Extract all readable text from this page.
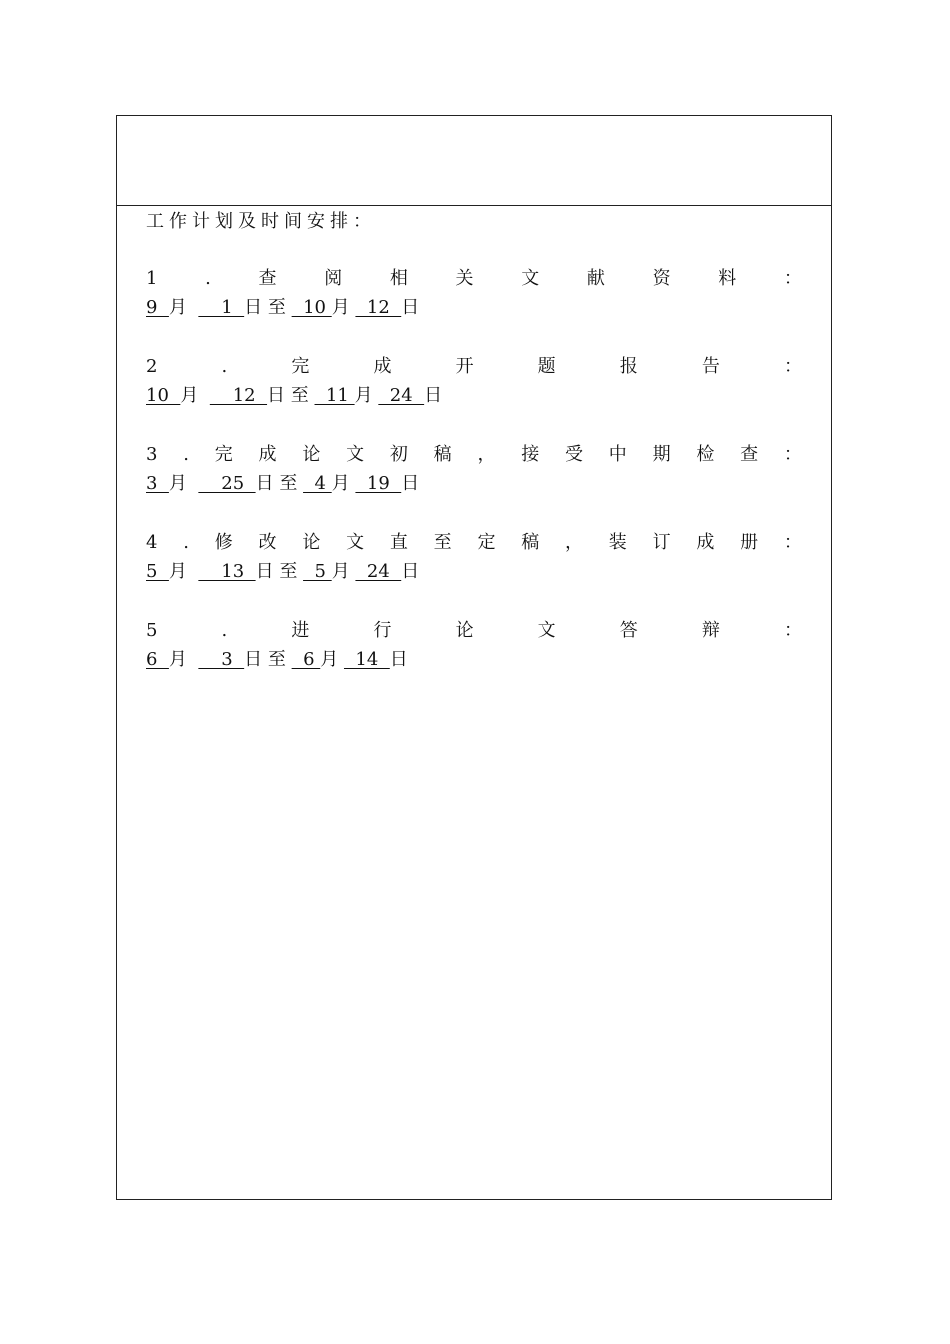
工 作 计 划 及 时 间 安 排 ：
1	.	查	阅	相	关	文	献	资	料	：
9  月      1  日 至   10 月   12  日
2	.	完	成	开	题	报	告	：
10  月      12  日 至   11 月   24  日
3 . 完 成 论 文 初 稿 ， 接 受 中 期 检 查 ：
3  月      25  日 至   4 月   19  日
4 . 修 改 论 文 直 至 定 稿 ， 装 订 成 册 ：
5  月      13  日 至   5 月   24  日
5	.	进	行	论	文	答	辩	：
6  月      3  日 至   6 月   14  日
